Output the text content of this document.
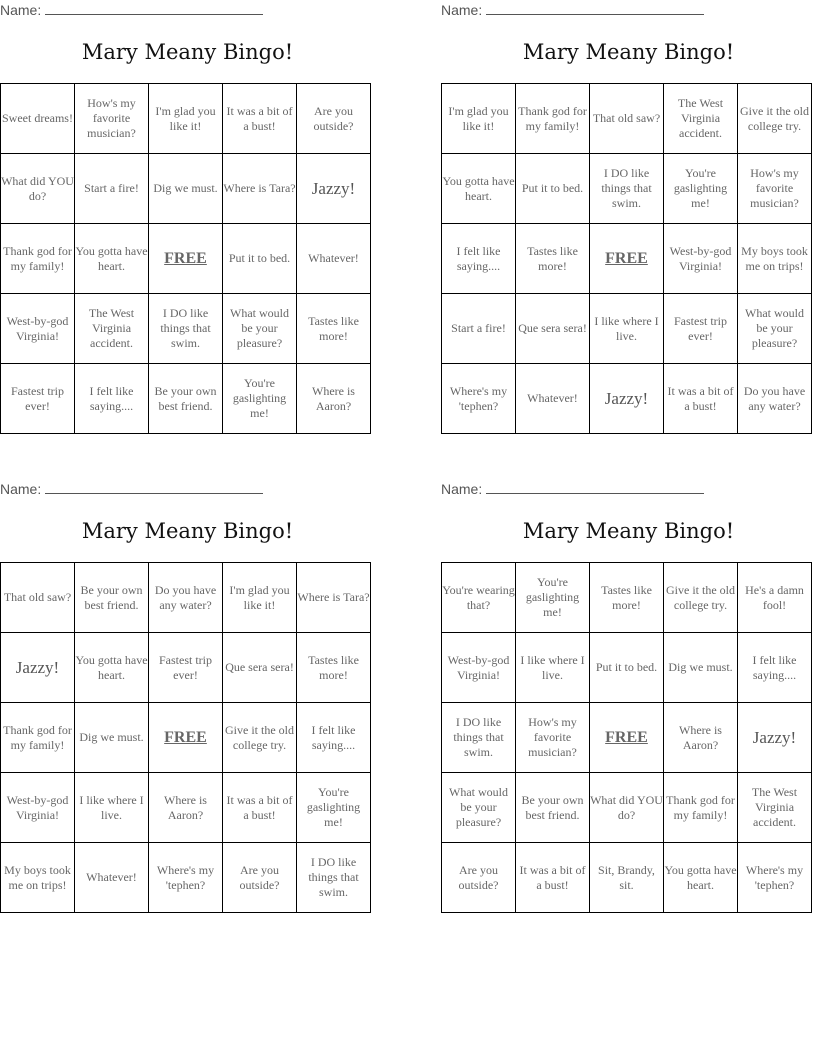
Name:
Mary Meany Bingo!
Sweet dreams!	How's my favorite musician?	I'm glad you like it!	It was a bit of a bust!	Are you outside?
What did YOU do?	Start a fire!	Dig we must.	Where is Tara?	Jazzy!
Thank god for my family!	You gotta have heart.	FREE	Put it to bed.	Whatever!
West-by-god Virginia!	The West Virginia accident.	I DO like things that swim.	What would be your pleasure?	Tastes like more!
Fastest trip ever!	I felt like saying....	Be your own best friend.	You're gaslighting me!	Where is Aaron?
Name:
Mary Meany Bingo!
I'm glad you like it!	Thank god for my family!	That old saw?	The West Virginia accident.	Give it the old college try.
You gotta have heart.	Put it to bed.	I DO like things that swim.	You're gaslighting me!	How's my favorite musician?
I felt like saying....	Tastes like more!	FREE	West-by-god Virginia!	My boys took me on trips!
Start a fire!	Que sera sera!	I like where I live.	Fastest trip ever!	What would be your pleasure?
Where's my 'tephen?	Whatever!	Jazzy!	It was a bit of a bust!	Do you have any water?
Name:
Mary Meany Bingo!
That old saw?	Be your own best friend.	Do you have any water?	I'm glad you like it!	Where is Tara?
Jazzy!	You gotta have heart.	Fastest trip ever!	Que sera sera!	Tastes like more!
Thank god for my family!	Dig we must.	FREE	Give it the old college try.	I felt like saying....
West-by-god Virginia!	I like where I live.	Where is Aaron?	It was a bit of a bust!	You're gaslighting me!
My boys took me on trips!	Whatever!	Where's my 'tephen?	Are you outside?	I DO like things that swim.
Name:
Mary Meany Bingo!
You're wearing that?	You're gaslighting me!	Tastes like more!	Give it the old college try.	He's a damn fool!
West-by-god Virginia!	I like where I live.	Put it to bed.	Dig we must.	I felt like saying....
I DO like things that swim.	How's my favorite musician?	FREE	Where is Aaron?	Jazzy!
What would be your pleasure?	Be your own best friend.	What did YOU do?	Thank god for my family!	The West Virginia accident.
Are you outside?	It was a bit of a bust!	Sit, Brandy, sit.	You gotta have heart.	Where's my 'tephen?
